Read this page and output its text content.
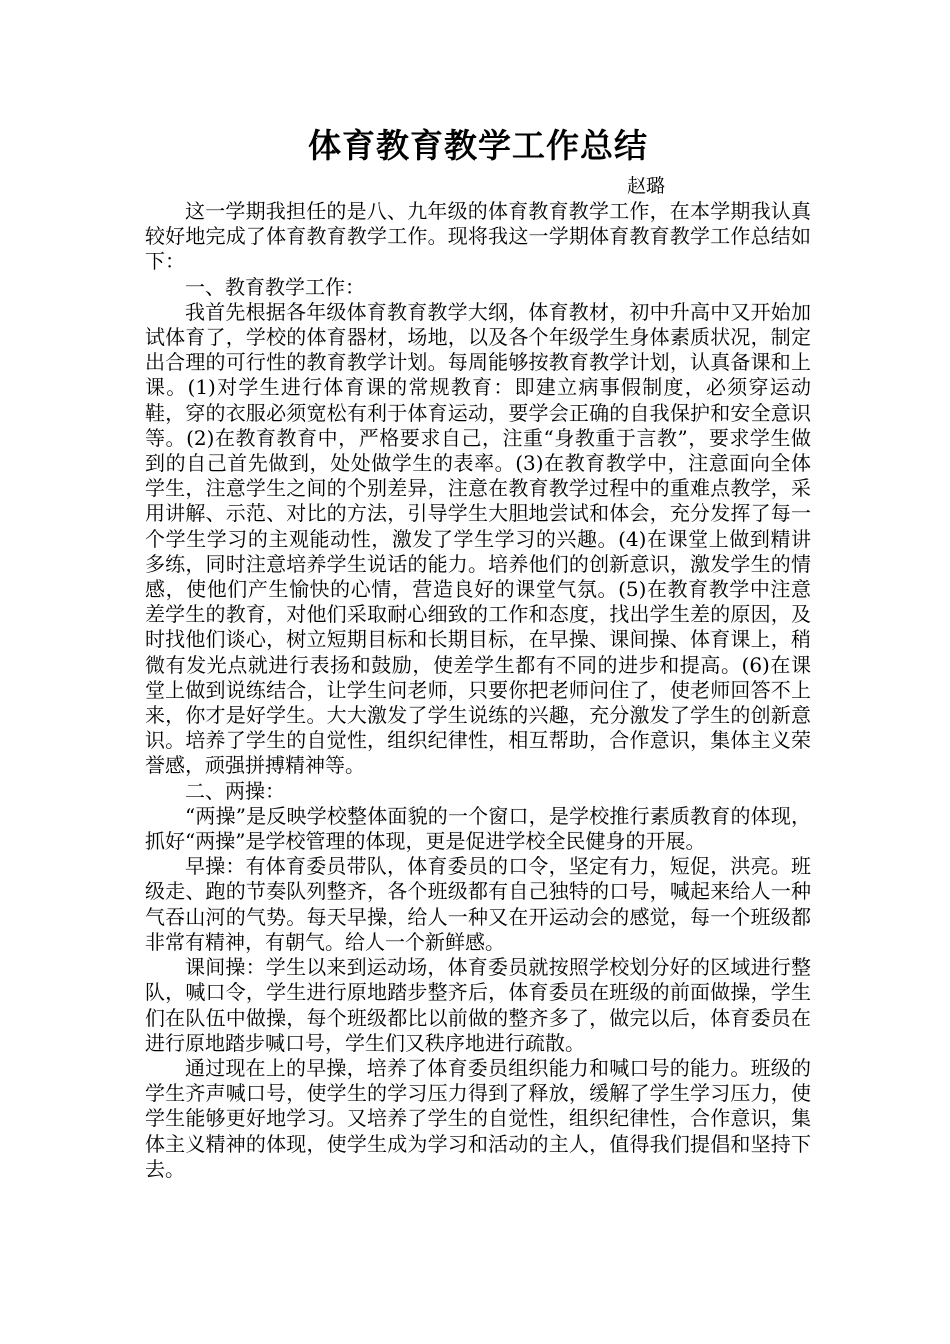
体育教育教学工作总结

赵璐

这一学期我担任的是八、九年级的体育教育教学工作，在本学期我认真较好地完成了体育教育教学工作。现将我这一学期体育教育教学工作总结如下：

一、教育教学工作：

我首先根据各年级体育教育教学大纲，体育教材，初中升高中又开始加试体育了，学校的体育器材，场地，以及各个年级学生身体素质状况，制定出合理的可行性的教育教学计划。每周能够按教育教学计划，认真备课和上课。(1)对学生进行体育课的常规教育：即建立病事假制度，必须穿运动鞋，穿的衣服必须宽松有利于体育运动，要学会正确的自我保护和安全意识等。(2)在教育教育中，严格要求自己，注重“身教重于言教”，要求学生做到的自己首先做到，处处做学生的表率。(3)在教育教学中，注意面向全体学生，注意学生之间的个别差异，注意在教育教学过程中的重难点教学，采用讲解、示范、对比的方法，引导学生大胆地尝试和体会，充分发挥了每一个学生学习的主观能动性，激发了学生学习的兴趣。(4)在课堂上做到精讲多练，同时注意培养学生说话的能力。培养他们的创新意识，激发学生的情感，使他们产生愉快的心情，营造良好的课堂气氛。(5)在教育教学中注意差学生的教育，对他们采取耐心细致的工作和态度，找出学生差的原因，及时找他们谈心，树立短期目标和长期目标，在早操、课间操、体育课上，稍微有发光点就进行表扬和鼓励，使差学生都有不同的进步和提高。(6)在课堂上做到说练结合，让学生问老师，只要你把老师问住了，使老师回答不上来，你才是好学生。大大激发了学生说练的兴趣，充分激发了学生的创新意识。培养了学生的自觉性，组织纪律性，相互帮助，合作意识，集体主义荣誉感，顽强拼搏精神等。

二、两操：

“两操”是反映学校整体面貌的一个窗口，是学校推行素质教育的体现，抓好“两操”是学校管理的体现，更是促进学校全民健身的开展。

早操：有体育委员带队，体育委员的口令，坚定有力，短促，洪亮。班级走、跑的节奏队列整齐，各个班级都有自己独特的口号，喊起来给人一种气吞山河的气势。每天早操，给人一种又在开运动会的感觉，每一个班级都非常有精神，有朝气。给人一个新鲜感。

课间操：学生以来到运动场，体育委员就按照学校划分好的区域进行整队，喊口令，学生进行原地踏步整齐后，体育委员在班级的前面做操，学生们在队伍中做操，每个班级都比以前做的整齐多了，做完以后，体育委员在进行原地踏步喊口号，学生们又秩序地进行疏散。

通过现在上的早操，培养了体育委员组织能力和喊口号的能力。班级的学生齐声喊口号，使学生的学习压力得到了释放，缓解了学生学习压力，使学生能够更好地学习。又培养了学生的自觉性，组织纪律性，合作意识，集体主义精神的体现，使学生成为学习和活动的主人，值得我们提倡和坚持下去。
